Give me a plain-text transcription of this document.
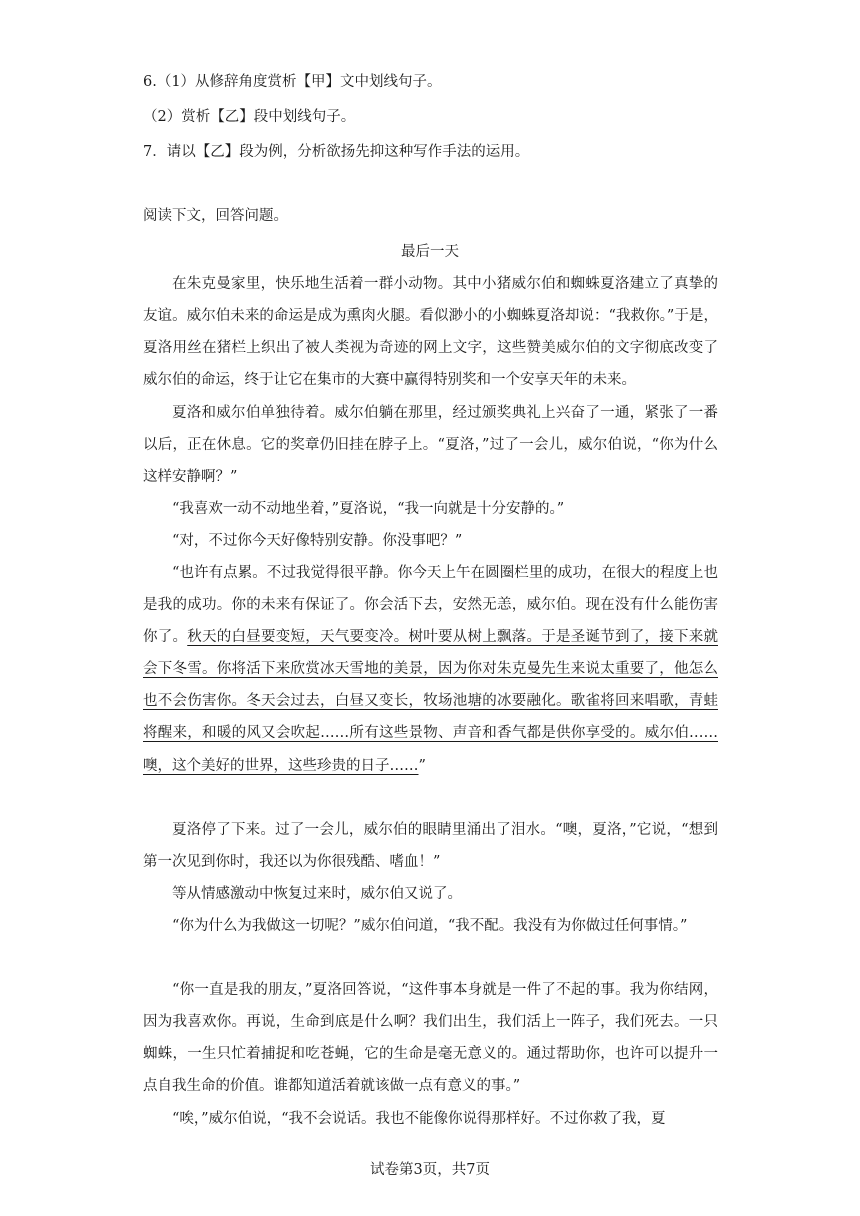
6.（1）从修辞角度赏析【甲】文中划线句子。
（2）赏析【乙】段中划线句子。
7．请以【乙】段为例，分析欲扬先抑这种写作手法的运用。
阅读下文，回答问题。
最后一天
在朱克曼家里，快乐地生活着一群小动物。其中小猪威尔伯和蜘蛛夏洛建立了真挚的友谊。威尔伯未来的命运是成为熏肉火腿。看似渺小的小蜘蛛夏洛却说：“我救你。”于是，夏洛用丝在猪栏上织出了被人类视为奇迹的网上文字，这些赞美威尔伯的文字彻底改变了威尔伯的命运，终于让它在集市的大赛中赢得特别奖和一个安享天年的未来。
夏洛和威尔伯单独待着。威尔伯躺在那里，经过颁奖典礼上兴奋了一通，紧张了一番以后，正在休息。它的奖章仍旧挂在脖子上。“夏洛，”过了一会儿，威尔伯说，“你为什么这样安静啊？”
“我喜欢一动不动地坐着，”夏洛说，“我一向就是十分安静的。”
“对，不过你今天好像特别安静。你没事吧？”
“也许有点累。不过我觉得很平静。你今天上午在圆圈栏里的成功，在很大的程度上也是我的成功。你的未来有保证了。你会活下去，安然无恙，威尔伯。现在没有什么能伤害你了。秋天的白昼要变短，天气要变冷。树叶要从树上飘落。于是圣诞节到了，接下来就会下冬雪。你将活下来欣赏冰天雪地的美景，因为你对朱克曼先生来说太重要了，他怎么也不会伤害你。冬天会过去，白昼又变长，牧场池塘的冰要融化。歌雀将回来唱歌，青蛙将醒来，和暖的风又会吹起……所有这些景物、声音和香气都是供你享受的。威尔伯……噢，这个美好的世界，这些珍贵的日子……”
夏洛停了下来。过了一会儿，威尔伯的眼睛里涌出了泪水。“噢，夏洛，”它说，“想到第一次见到你时，我还以为你很残酷、嗜血！”
等从情感激动中恢复过来时，威尔伯又说了。
“你为什么为我做这一切呢？”威尔伯问道，“我不配。我没有为你做过任何事情。”
“你一直是我的朋友，”夏洛回答说，“这件事本身就是一件了不起的事。我为你结网，因为我喜欢你。再说，生命到底是什么啊？我们出生，我们活上一阵子，我们死去。一只蜘蛛，一生只忙着捕捉和吃苍蝇，它的生命是毫无意义的。通过帮助你，也许可以提升一点自我生命的价值。谁都知道活着就该做一点有意义的事。”
“唉，”威尔伯说，“我不会说话。我也不能像你说得那样好。不过你救了我，夏
试卷第3页，共7页
